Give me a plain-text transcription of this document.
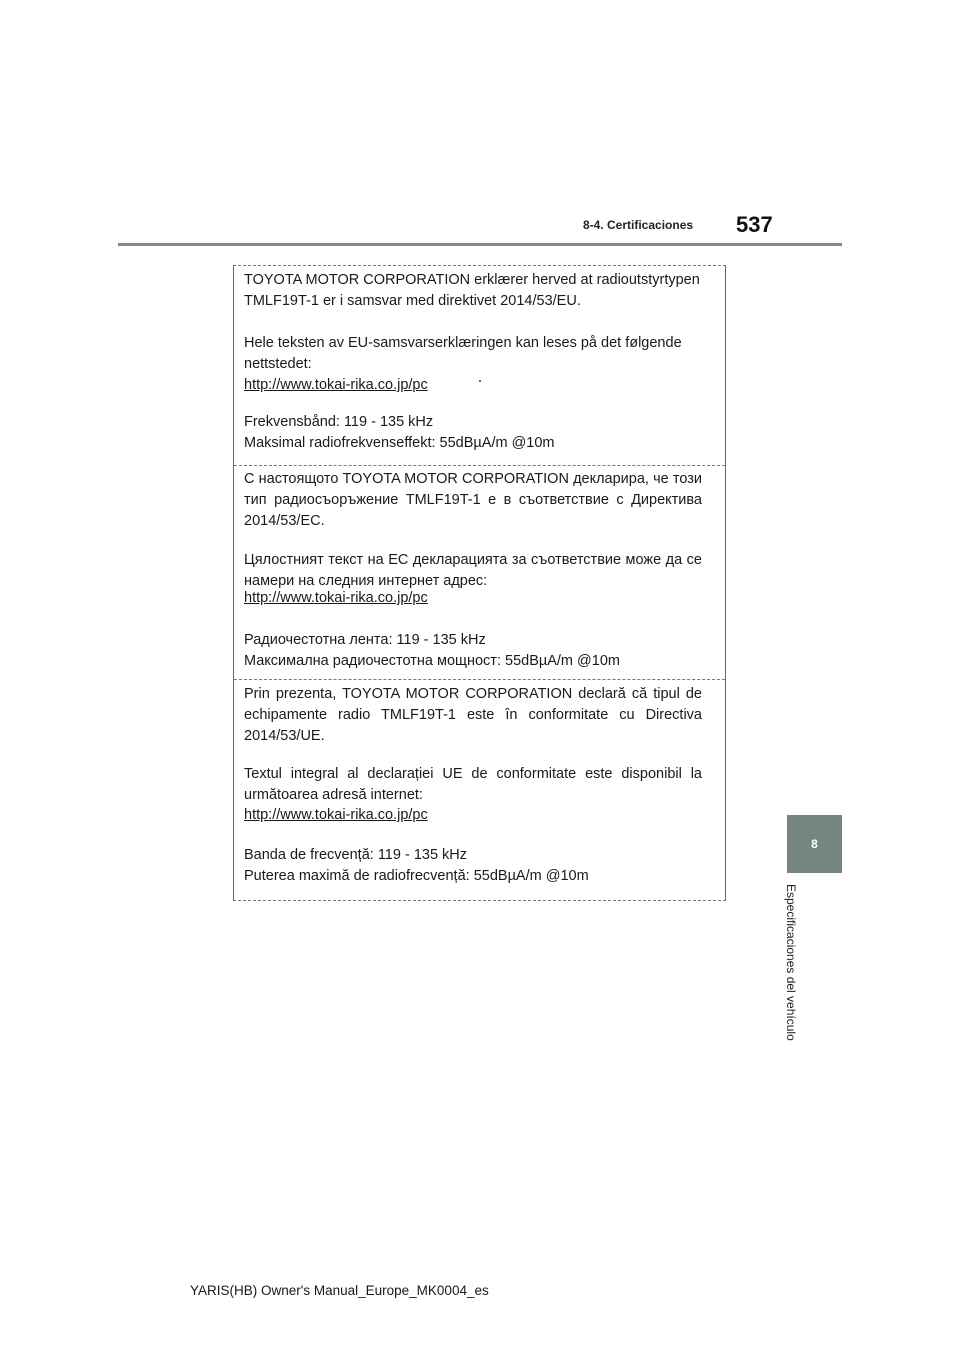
8-4. Certificaciones 537
8
Especificaciones del vehículo

TOYOTA MOTOR CORPORATION erklærer herved at radioutstyrtypen TMLF19T-1 er i samsvar med direktivet 2014/53/EU.

Hele teksten av EU-samsvarserklæringen kan leses på det følgende nettstedet:

http://www.tokai-rika.co.jp/pc

Frekvensbånd: 119 - 135 kHz

Maksimal radiofrekvenseffekt: 55dBµA/m @10m

С настоящото TOYOTA MOTOR CORPORATION декларира, че този тип радиосъоръжение TMLF19T-1 е в съответствие с Директива 2014/53/ЕС.

Цялостният текст на ЕС декларацията за съответствие може да се намери на следния интернет адрес:

http://www.tokai-rika.co.jp/pc

Радиочестотна лента: 119 - 135 kHz

Максимална радиочестотна мощност: 55dBµA/m @10m

Prin prezenta, TOYOTA MOTOR CORPORATION declară că tipul de echipamente radio TMLF19T-1 este în conformitate cu Directiva 2014/53/UE.

Textul integral al declarației UE de conformitate este disponibil la următoarea adresă internet:

http://www.tokai-rika.co.jp/pc

Banda de frecvență: 119 - 135 kHz

Puterea maximă de radiofrecvență: 55dBµA/m @10m

YARIS(HB) Owner's Manual_Europe_MK0004_es
